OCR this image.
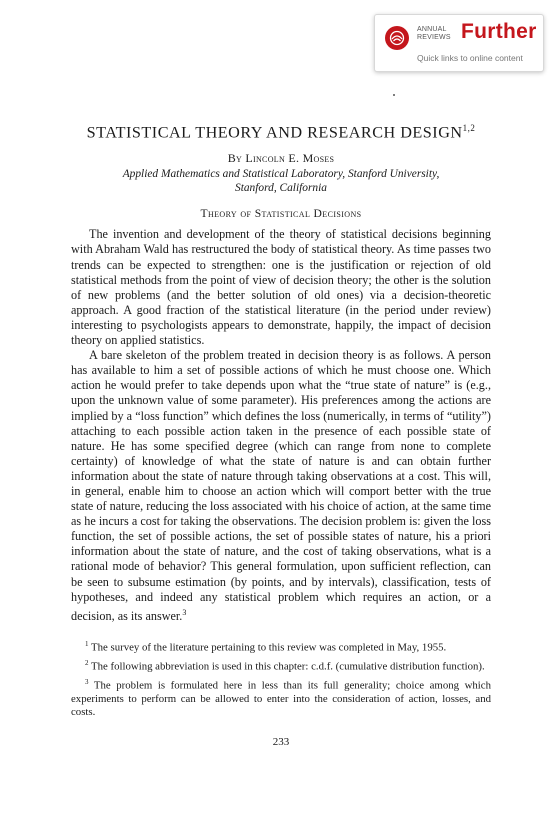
ANNUAL
REVIEWS Further
Quick links to online content
STATISTICAL THEORY AND RESEARCH DESIGN$^{1,2}$
By Lincoln E. Moses
Applied Mathematics and Statistical Laboratory, Stanford University,
Stanford, California
Theory of Statistical Decisions

The invention and development of the theory of statistical decisions beginning with Abraham Wald has restructured the body of statistical theory. As time passes two trends can be expected to strengthen: one is the justification or rejection of old statistical methods from the point of view of decision theory; the other is the solution of new problems (and the better solution of old ones) via a decision-theoretic approach. A good fraction of the statistical literature (in the period under review) interesting to psychologists appears to demonstrate, happily, the impact of decision theory on applied statistics.

A bare skeleton of the problem treated in decision theory is as follows. A person has available to him a set of possible actions of which he must choose one. Which action he would prefer to take depends upon what the “true state of nature” is (e.g., upon the unknown value of some parameter). His preferences among the actions are implied by a “loss function” which defines the loss (numerically, in terms of “utility”) attaching to each possible action taken in the presence of each possible state of nature. He has some specified degree (which can range from none to complete certainty) of knowledge of what the state of nature is and can obtain further information about the state of nature through taking observations at a cost. This will, in general, enable him to choose an action which will comport better with the true state of nature, reducing the loss associated with his choice of action, at the same time as he incurs a cost for taking the observations. The decision problem is: given the loss function, the set of possible actions, the set of possible states of nature, his a priori information about the state of nature, and the cost of taking observations, what is a rational mode of behavior? This general formulation, upon sufficient reflection, can be seen to subsume estimation (by points, and by intervals), classification, tests of hypotheses, and indeed any statistical problem which requires an action, or a decision, as its answer.$^3$

$^1$ The survey of the literature pertaining to this review was completed in May, 1955.

$^2$ The following abbreviation is used in this chapter: c.d.f. (cumulative distribution function).

$^3$ The problem is formulated here in less than its full generality; choice among which experiments to perform can be allowed to enter into the consideration of action, losses, and costs.

233
